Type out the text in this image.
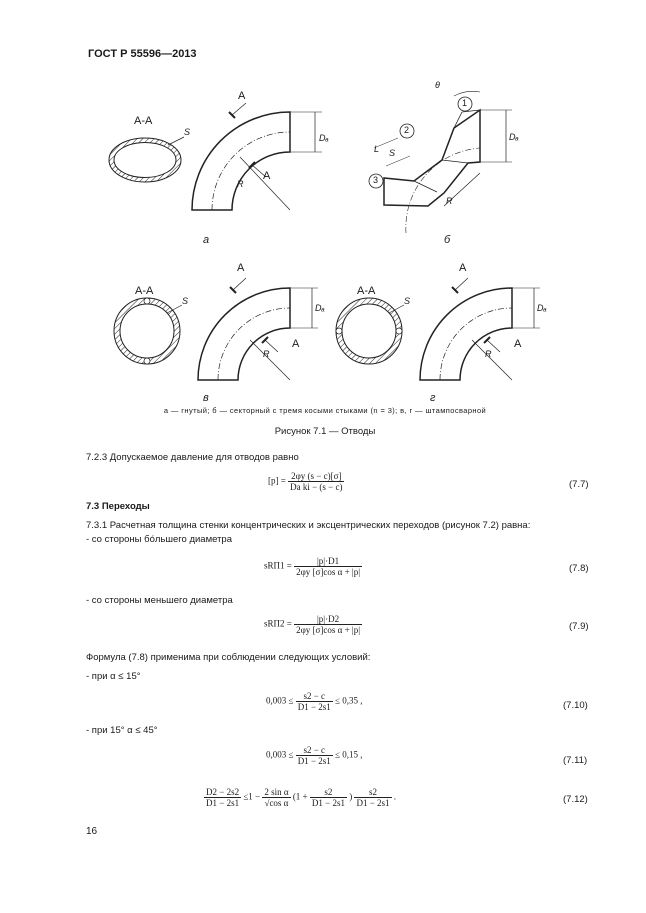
ГОСТ Р 55596—2013
А-А
S
А
А
R
Dₐ
а
1
2
3
θ
L S
R
Dₐ
б
А-А
S
А
А
R
Dₐ
в
А-А
S
А
А
R
Dₐ
г
а — гнутый; б — секторный с тремя косыми стыками (n = 3); в, г — штампосварной
Рисунок 7.1 — Отводы
7.2.3 Допускаемое давление для отводов равно
$[p] = \frac{2\varphi y (s - c)[\sigma]}{\text{Da ki − (s − c)}}$	(7.7)
7.3 Переходы
7.3.1 Расчетная толщина стенки концентрических и эксцентрических переходов (рисунок 7.2) равна:
- со стороны бóльшего диаметра
$sRП1 = \frac{|p|\cdot D1}{\text{2φy [σ]cos α + |p|}}$	(7.8)
- со стороны меньшего диаметра
$sRП2 = \frac{|p|\cdot D2}{\text{2φy [σ]cos α + |p|}}$	(7.9)
Формула (7.8) применима при соблюдении следующих условий:
- при α ≤ 15°
$0,003 \le \frac{s2 - c}{D1 - 2s1} \le 0,35$ ,	(7.10)
- при 15° α ≤ 45°
$0,003 \le \frac{s2 - c}{D1 - 2s1} \le 0,15$ ,
(7.11)
$\frac{D2 - 2s2}{D1 - 2s1} \le 1 - \frac{\text{2 sin α}}{\text{√cos α}} (1 + \frac{s2}{D1 - 2s1}$ ) $\frac{s2}{D1 - 2s1}$ .	(7.12)
16
